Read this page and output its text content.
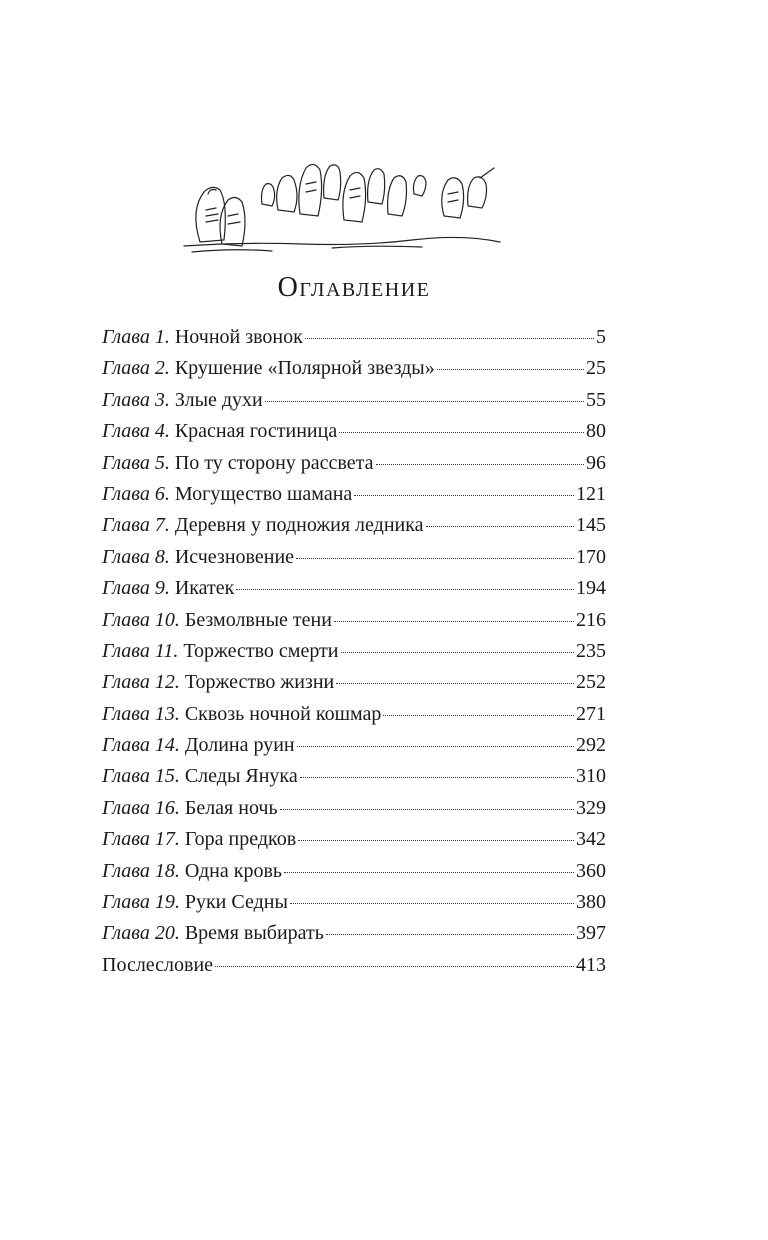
Оглавление
Глава 1. Ночной звонок	5
Глава 2. Крушение «Полярной звезды»	25
Глава 3. Злые духи	55
Глава 4. Красная гостиница	80
Глава 5. По ту сторону рассвета	96
Глава 6. Могущество шамана	121
Глава 7. Деревня у подножия ледника	145
Глава 8. Исчезновение	170
Глава 9. Икатек	194
Глава 10. Безмолвные тени	216
Глава 11. Торжество смерти	235
Глава 12. Торжество жизни	252
Глава 13. Сквозь ночной кошмар	271
Глава 14. Долина руин	292
Глава 15. Следы Янука	310
Глава 16. Белая ночь	329
Глава 17. Гора предков	342
Глава 18. Одна кровь	360
Глава 19. Руки Седны	380
Глава 20. Время выбирать	397
Послесловие	413
